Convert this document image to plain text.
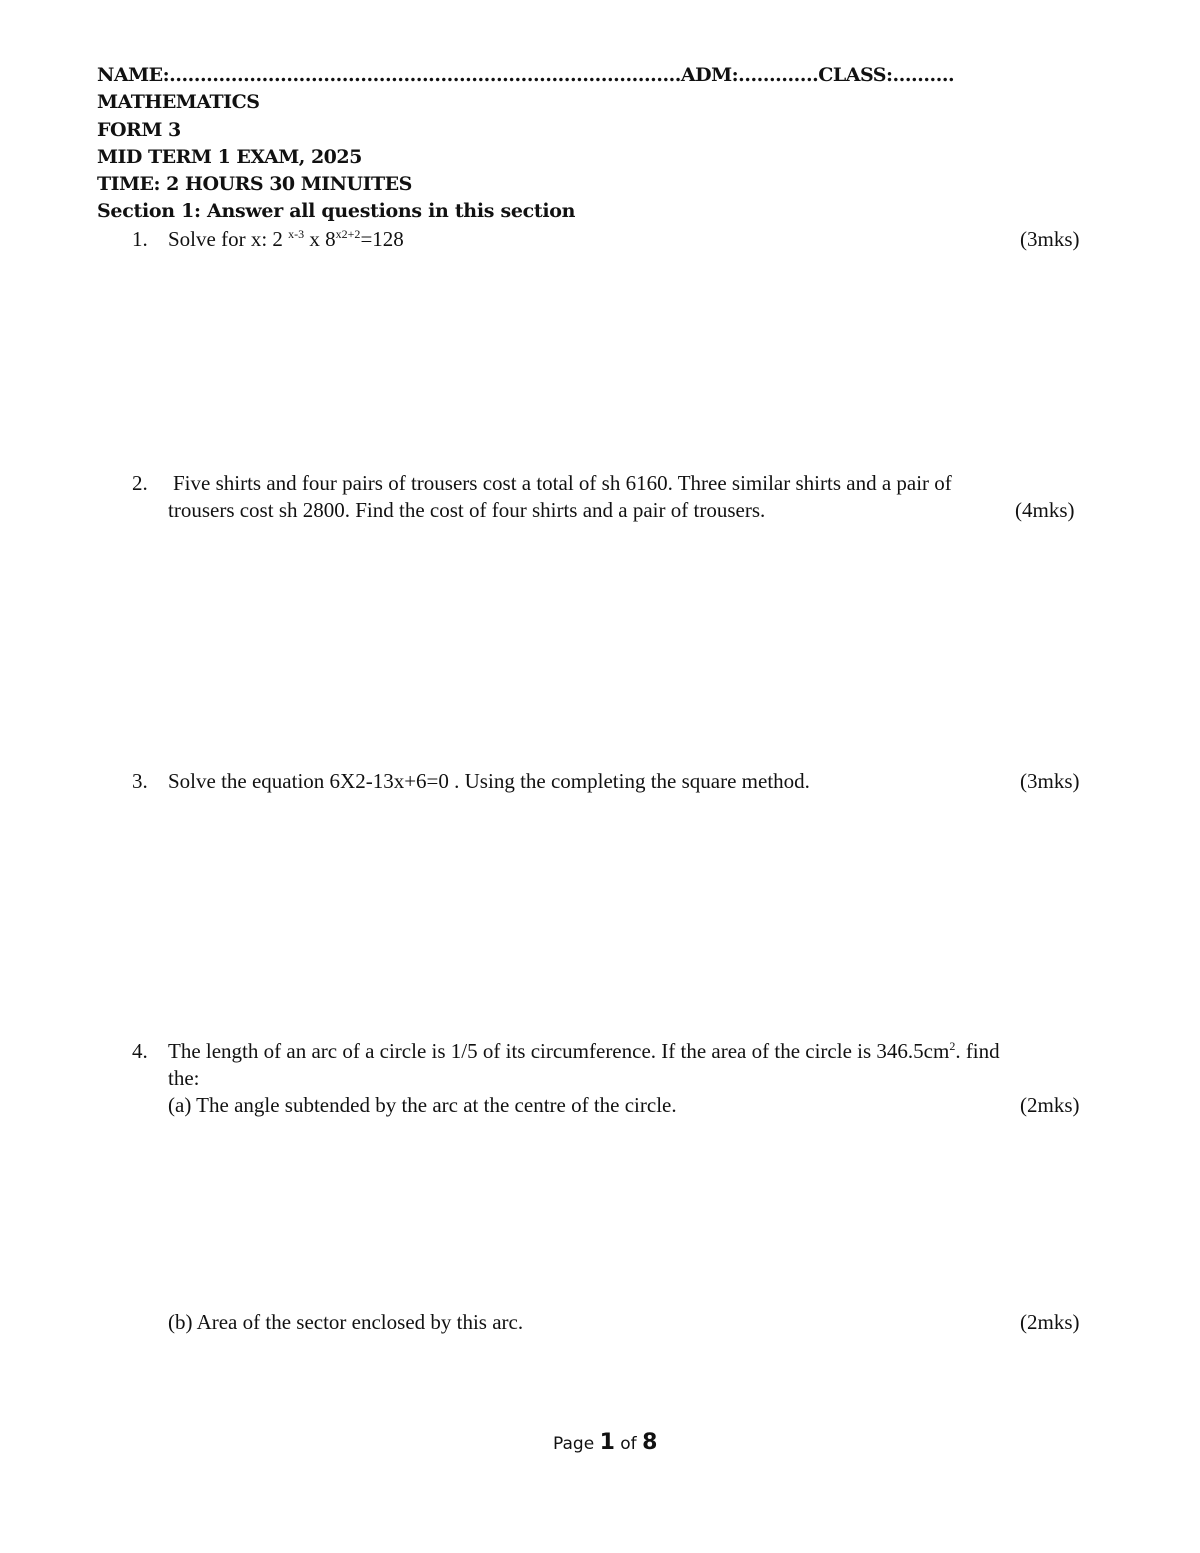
NAME:………………………………………………………………………..ADM:………….CLASS:……….
MATHEMATICS
FORM 3
MID TERM 1 EXAM, 2025
TIME: 2 HOURS 30 MINUITES
Section 1: Answer all questions in this section
1. Solve for x: 2 $^{x-3}$ x $8^{x2+2}=128$	(3mks)
2. Five shirts and four pairs of trousers cost a total of sh 6160. Three similar shirts and a pair of
trousers cost sh 2800. Find the cost of four shirts and a pair of trousers.	(4mks)
3. Solve the equation 6X2-13x+6=0 . Using the completing the square method.	(3mks)
4. The length of an arc of a circle is 1/5 of its circumference. If the area of the circle is $346.5cm^2$. find
the:
(a) The angle subtended by the arc at the centre of the circle.	(2mks)
(b) Area of the sector enclosed by this arc.	(2mks)
Page 1 of 8
